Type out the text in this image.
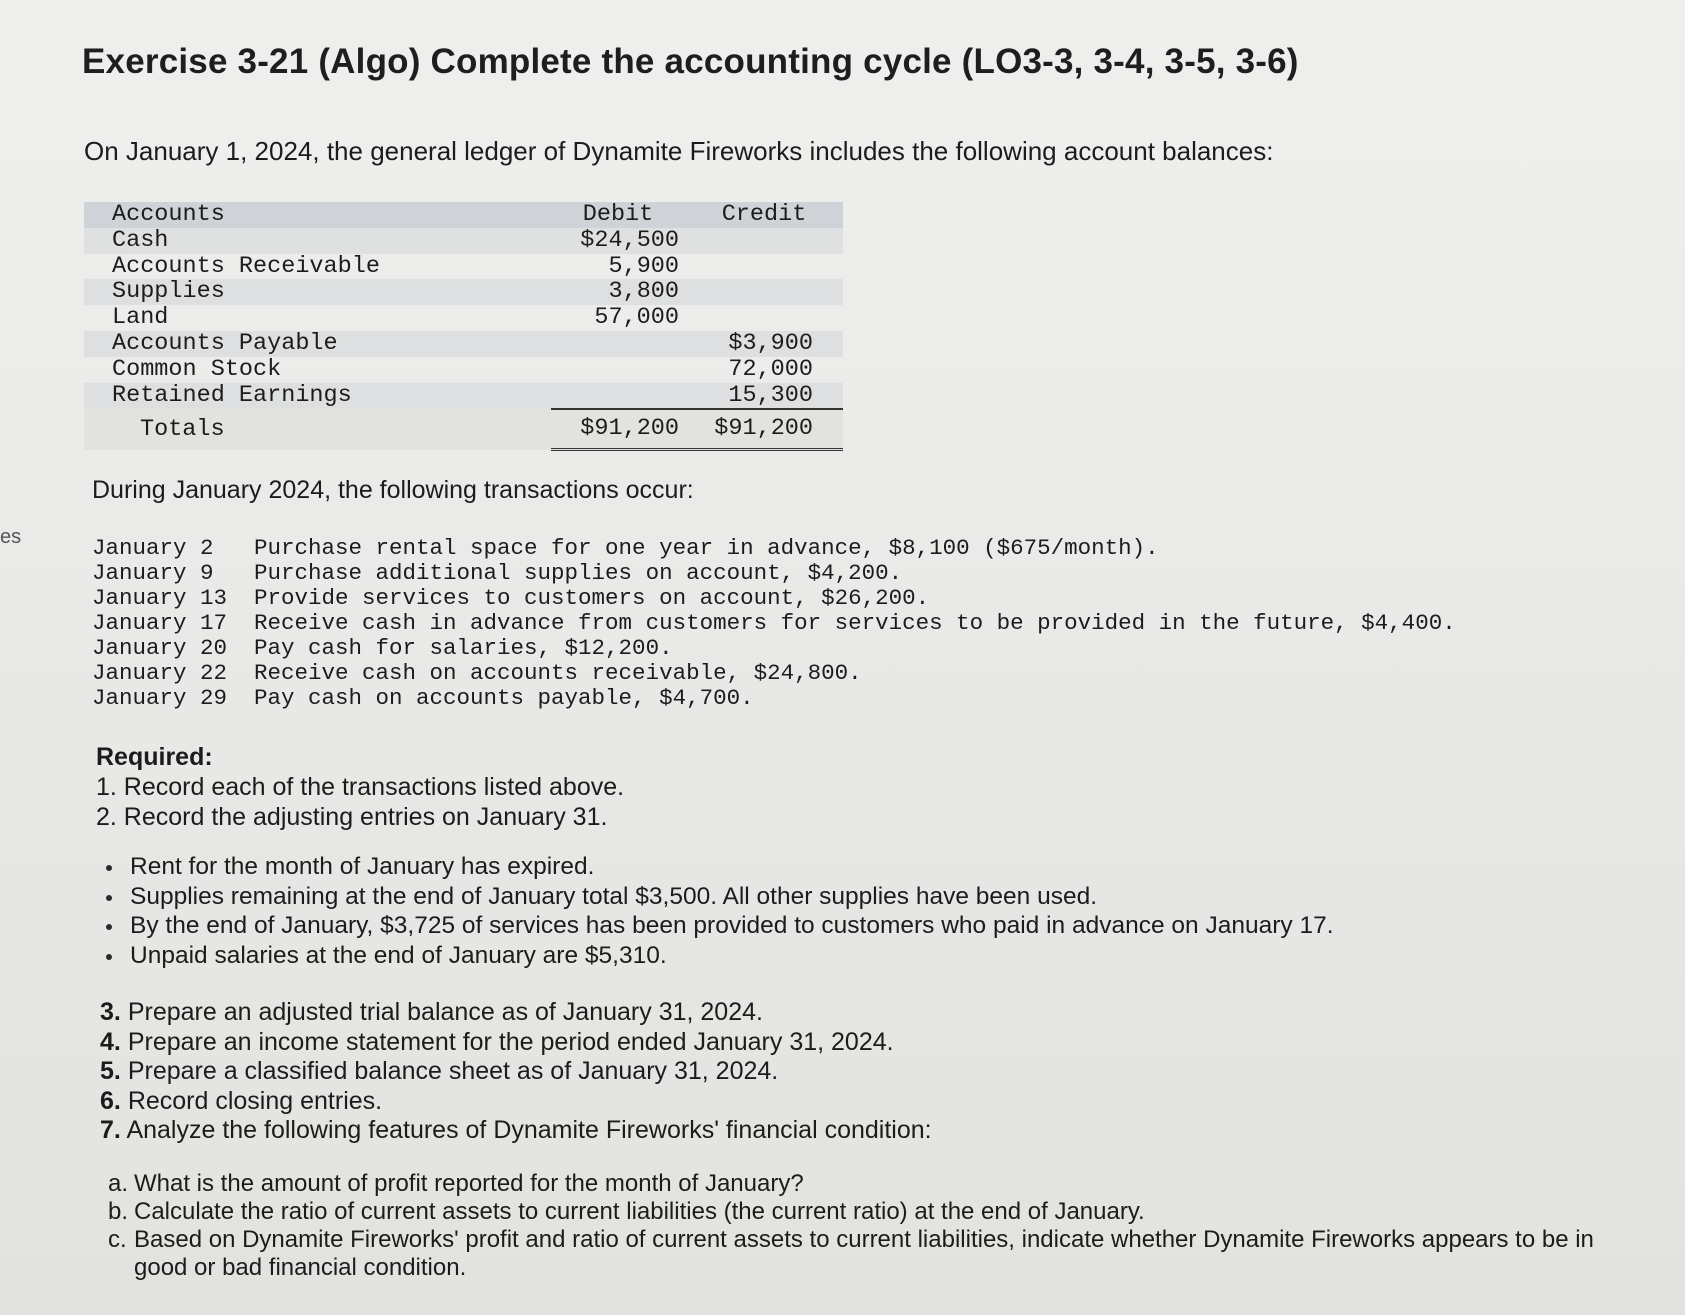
es
Exercise 3-21 (Algo) Complete the accounting cycle (LO3-3, 3-4, 3-5, 3-6)

On January 1, 2024, the general ledger of Dynamite Fireworks includes the following account balances:

Accounts	Debit	Credit
Cash	$24,500	
Accounts Receivable	5,900	
Supplies	3,800	
Land	57,000	
Accounts Payable		$3,900
Common Stock		72,000
Retained Earnings		15,300
Totals	$91,200	$91,200

During January 2024, the following transactions occur:

January 2 Purchase rental space for one year in advance, $8,100 ($675/month).
January 9 Purchase additional supplies on account, $4,200.
January 13 Provide services to customers on account, $26,200.
January 17 Receive cash in advance from customers for services to be provided in the future, $4,400.
January 20 Pay cash for salaries, $12,200.
January 22 Receive cash on accounts receivable, $24,800.
January 29 Pay cash on accounts payable, $4,700.
Required:
1. Record each of the transactions listed above.
2. Record the adjusting entries on January 31.
Rent for the month of January has expired.
Supplies remaining at the end of January total $3,500. All other supplies have been used.
By the end of January, $3,725 of services has been provided to customers who paid in advance on January 17.
Unpaid salaries at the end of January are $5,310.
3. Prepare an adjusted trial balance as of January 31, 2024.
4. Prepare an income statement for the period ended January 31, 2024.
5. Prepare a classified balance sheet as of January 31, 2024.
6. Record closing entries.
7. Analyze the following features of Dynamite Fireworks' financial condition:
a. What is the amount of profit reported for the month of January?
b. Calculate the ratio of current assets to current liabilities (the current ratio) at the end of January.
c. Based on Dynamite Fireworks' profit and ratio of current assets to current liabilities, indicate whether Dynamite Fireworks appears to be in good or bad financial condition.
